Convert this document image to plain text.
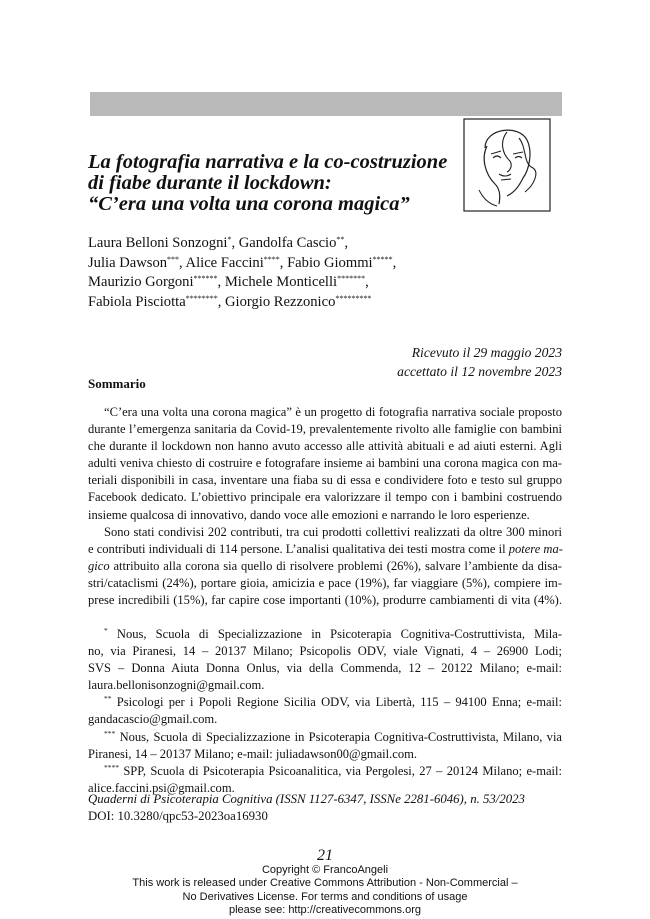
La fotografia narrativa e la co-costruzione
di fiabe durante il lockdown:
“C’era una volta una corona magica”
Laura Belloni Sonzogni*, Gandolfa Cascio**,
Julia Dawson***, Alice Faccini****, Fabio Giommi*****,
Maurizio Gorgoni******, Michele Monticelli*******,
Fabiola Pisciotta********, Giorgio Rezzonico*********
Ricevuto il 29 maggio 2023
accettato il 12 novembre 2023
Sommario
“C’era una volta una corona magica” è un progetto di fotografia narrativa sociale proposto
durante l’emergenza sanitaria da Covid-19, prevalentemente rivolto alle famiglie con bambini
che durante il lockdown non hanno avuto accesso alle attività abituali e ad aiuti esterni. Agli
adulti veniva chiesto di costruire e fotografare insieme ai bambini una corona magica con ma-
teriali disponibili in casa, inventare una fiaba su di essa e condividere foto e testo sul gruppo
Facebook dedicato. L’obiettivo principale era valorizzare il tempo con i bambini costruendo
insieme qualcosa di innovativo, dando voce alle emozioni e narrando le loro esperienze.
Sono stati condivisi 202 contributi, tra cui prodotti collettivi realizzati da oltre 300 minori
e contributi individuali di 114 persone. L’analisi qualitativa dei testi mostra come il potere ma-
gico attribuito alla corona sia quello di risolvere problemi (26%), salvare l’ambiente da disa-
stri/cataclismi (24%), portare gioia, amicizia e pace (19%), far viaggiare (5%), compiere im-
prese incredibili (15%), far capire cose importanti (10%), produrre cambiamenti di vita (4%).
* Nous, Scuola di Specializzazione in Psicoterapia Cognitiva-Costruttivista, Mila-
no, via Piranesi, 14 – 20137 Milano; Psicopolis ODV, viale Vignati, 4 – 26900 Lodi;
SVS – Donna Aiuta Donna Onlus, via della Commenda, 12 – 20122 Milano; e-mail:
laura.bellonisonzogni@gmail.com.
** Psicologi per i Popoli Regione Sicilia ODV, via Libertà, 115 – 94100 Enna; e-mail:
gandacascio@gmail.com.
*** Nous, Scuola di Specializzazione in Psicoterapia Cognitiva-Costruttivista, Milano, via
Piranesi, 14 – 20137 Milano; e-mail: juliadawson00@gmail.com.
**** SPP, Scuola di Psicoterapia Psicoanalitica, via Pergolesi, 27 – 20124 Milano; e-mail:
alice.faccini.psi@gmail.com.
Quaderni di Psicoterapia Cognitiva (ISSN 1127-6347, ISSNe 2281-6046), n. 53/2023
DOI: 10.3280/qpc53-2023oa16930
21
Copyright © FrancoAngeli
This work is released under Creative Commons Attribution - Non-Commercial –
No Derivatives License. For terms and conditions of usage
please see: http://creativecommons.org
